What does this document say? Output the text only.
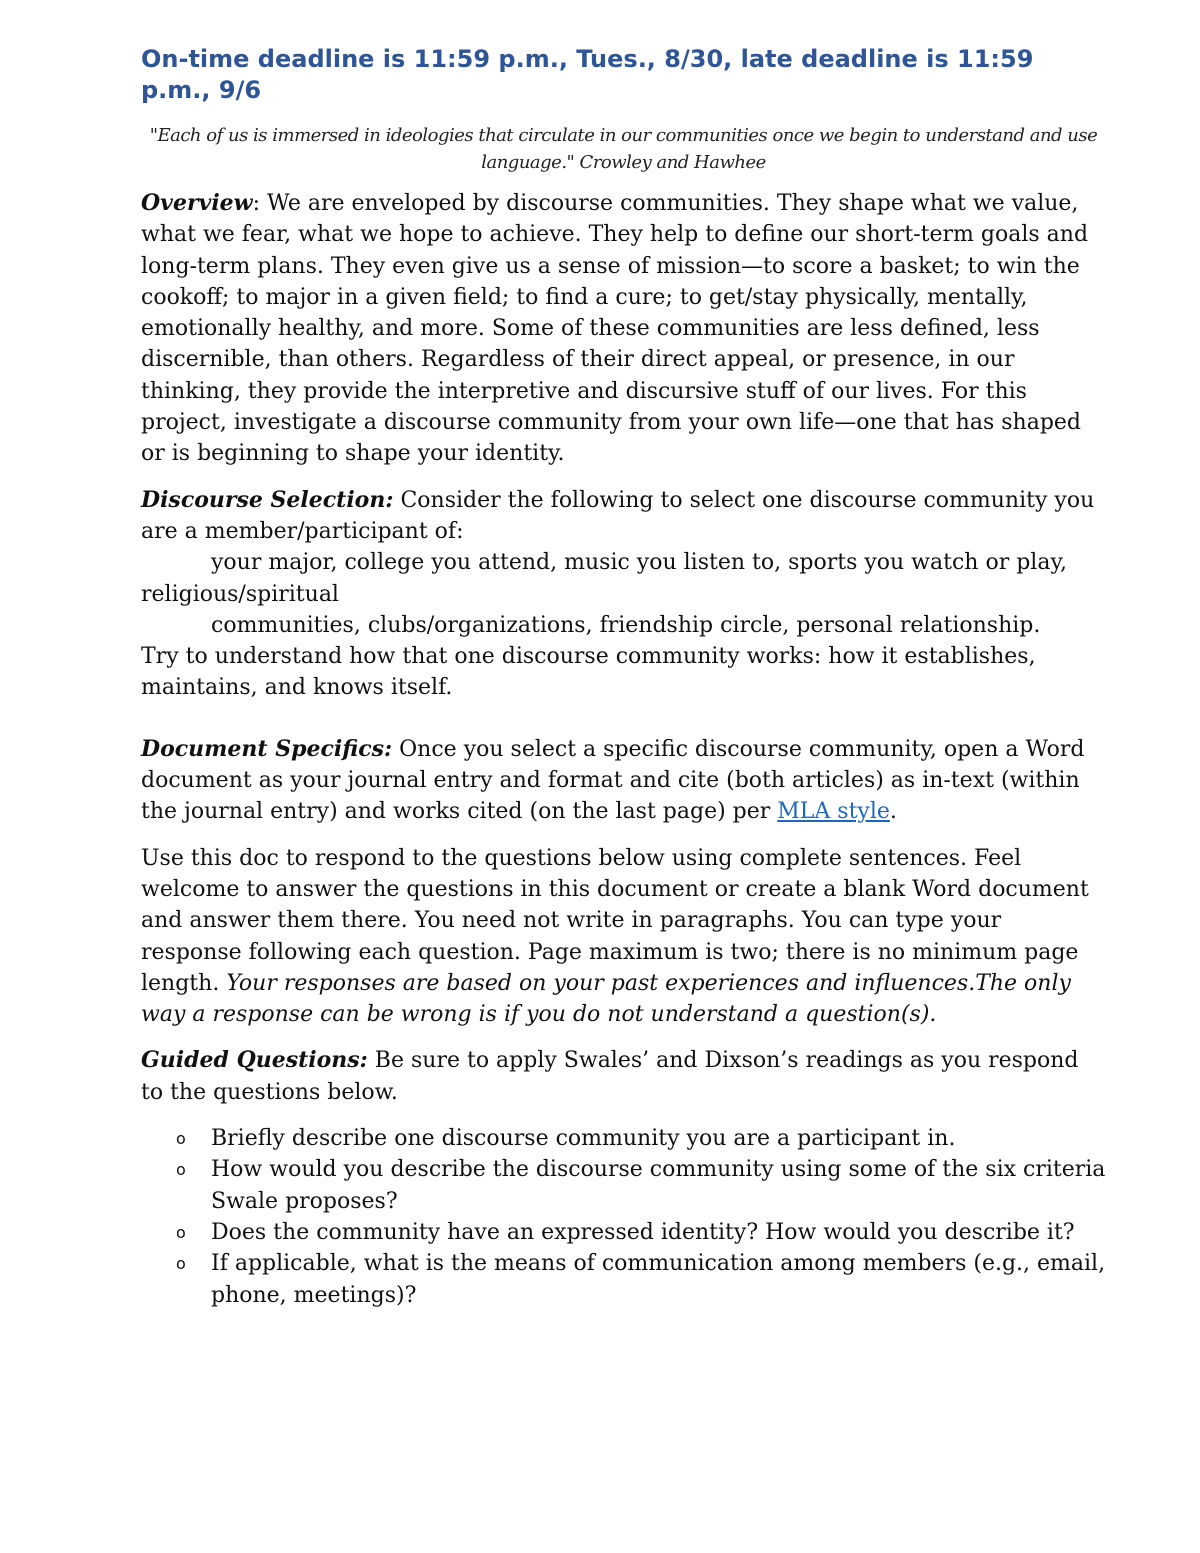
On-time deadline is 11:59 p.m., Tues., 8/30, late deadline is 11:59 p.m., 9/6

"Each of us is immersed in ideologies that circulate in our communities once we begin to understand and use language." Crowley and Hawhee

Overview: We are enveloped by discourse communities. They shape what we value, what we fear, what we hope to achieve. They help to define our short-term goals and long-term plans. They even give us a sense of mission—to score a basket; to win the cookoff; to major in a given field; to find a cure; to get/stay physically, mentally, emotionally healthy, and more. Some of these communities are less defined, less discernible, than others. Regardless of their direct appeal, or presence, in our thinking, they provide the interpretive and discursive stuff of our lives. For this project, investigate a discourse community from your own life—one that has shaped or is beginning to shape your identity.

Discourse Selection: Consider the following to select one discourse community you are a member/participant of:

your major, college you attend, music you listen to, sports you watch or play, religious/spiritual

communities, clubs/organizations, friendship circle, personal relationship.

Try to understand how that one discourse community works: how it establishes, maintains, and knows itself.

Document Specifics: Once you select a specific discourse community, open a Word document as your journal entry and format and cite (both articles) as in-text (within the journal entry) and works cited (on the last page) per MLA style.

Use this doc to respond to the questions below using complete sentences. Feel welcome to answer the questions in this document or create a blank Word document and answer them there. You need not write in paragraphs. You can type your response following each question. Page maximum is two; there is no minimum page length. Your responses are based on your past experiences and influences.The only way a response can be wrong is if you do not understand a question(s).

Guided Questions: Be sure to apply Swales’ and Dixson’s readings as you respond to the questions below.

o Briefly describe one discourse community you are a participant in.
o How would you describe the discourse community using some of the six criteria Swale proposes?
o Does the community have an expressed identity? How would you describe it?
o If applicable, what is the means of communication among members (e.g., email, phone, meetings)?
